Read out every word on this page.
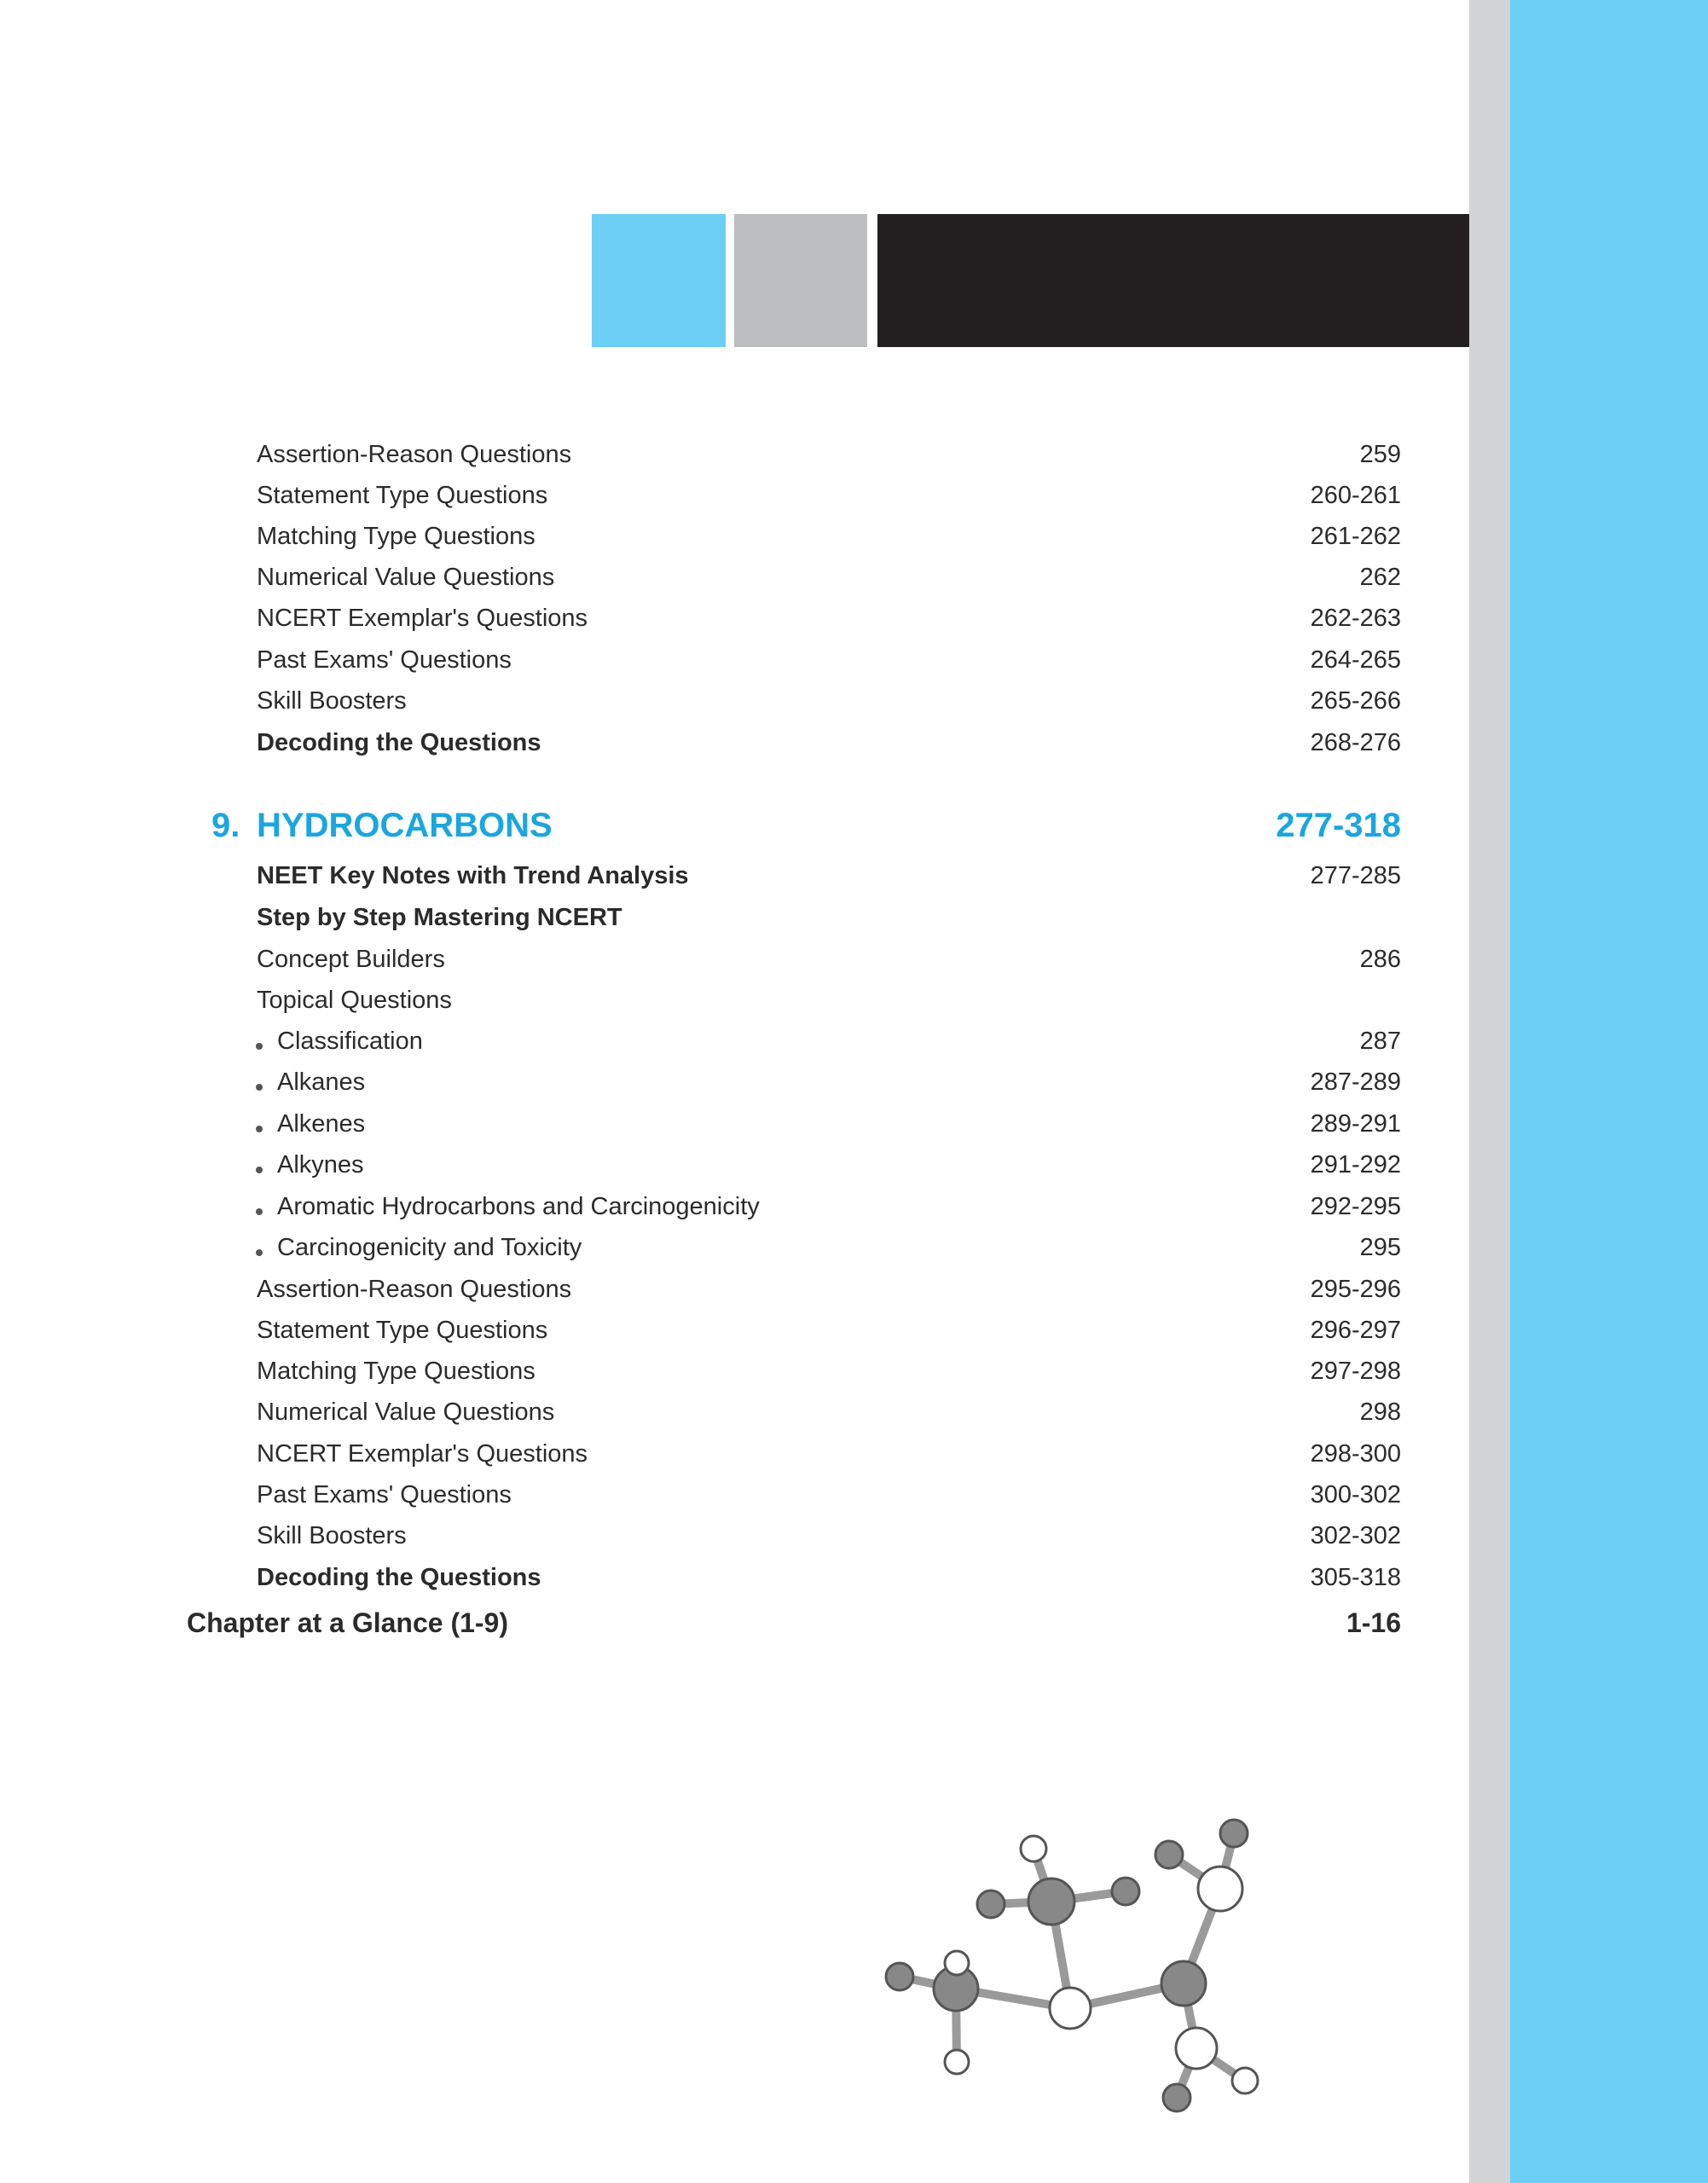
Assertion-Reason Questions	259
Statement Type Questions	260-261
Matching Type Questions	261-262
Numerical Value Questions	262
NCERT Exemplar's Questions	262-263
Past Exams' Questions	264-265
Skill Boosters	265-266
Decoding the Questions	268-276
9. HYDROCARBONS	277-318
NEET Key Notes with Trend Analysis	277-285
Step by Step Mastering NCERT
Concept Builders	286
Topical Questions
Classification	287
Alkanes	287-289
Alkenes	289-291
Alkynes	291-292
Aromatic Hydrocarbons and Carcinogenicity	292-295
Carcinogenicity and Toxicity	295
Assertion-Reason Questions	295-296
Statement Type Questions	296-297
Matching Type Questions	297-298
Numerical Value Questions	298
NCERT Exemplar's Questions	298-300
Past Exams' Questions	300-302
Skill Boosters	302-302
Decoding the Questions	305-318
Chapter at a Glance (1-9)	1-16
